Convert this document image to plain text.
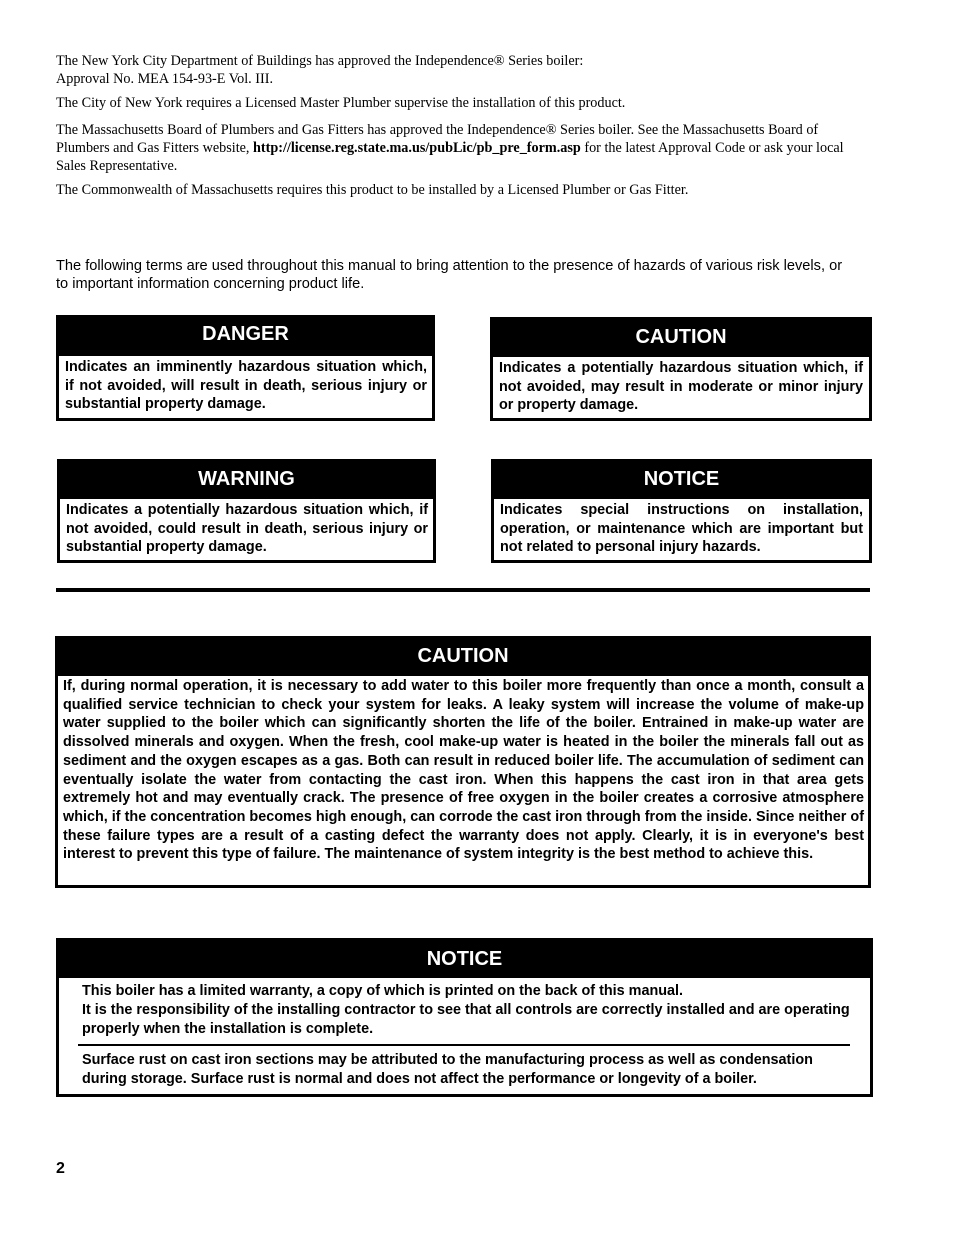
The New York City Department of Buildings has approved the Independence® Series boiler:

Approval No. MEA 154-93-E Vol. III.

The City of New York requires a Licensed Master Plumber supervise the installation of this product.

The Massachusetts Board of Plumbers and Gas Fitters has approved the Independence® Series boiler. See the Massachusetts Board of Plumbers and Gas Fitters website, http://license.reg.state.ma.us/pubLic/pb_pre_form.asp for the latest Approval Code or ask your local Sales Representative.

The Commonwealth of Massachusetts requires this product to be installed by a Licensed Plumber or Gas Fitter.

The following terms are used throughout this manual to bring attention to the presence of hazards of various risk levels, or to important information concerning product life.
DANGER
Indicates an imminently hazardous situation which, if not avoided, will result in death, serious injury or substantial property damage.
CAUTION
Indicates a potentially hazardous situation which, if not avoided, may result in moderate or minor injury or property damage.
WARNING
Indicates a potentially hazardous situation which, if not avoided, could result in death, serious injury or substantial property damage.
NOTICE
Indicates special instructions on installation, operation, or maintenance which are important but not related to personal injury hazards.
CAUTION
If, during normal operation, it is necessary to add water to this boiler more frequently than once a month, consult a qualified service technician to check your system for leaks. A leaky system will increase the volume of make-up water supplied to the boiler which can significantly shorten the life of the boiler. Entrained in make-up water are dissolved minerals and oxygen. When the fresh, cool make-up water is heated in the boiler the minerals fall out as sediment and the oxygen escapes as a gas. Both can result in reduced boiler life. The accumulation of sediment can eventually isolate the water from contacting the cast iron. When this happens the cast iron in that area gets extremely hot and may eventually crack. The presence of free oxygen in the boiler creates a corrosive atmosphere which, if the concentration becomes high enough, can corrode the cast iron through from the inside. Since neither of these failure types are a result of a casting defect the warranty does not apply. Clearly, it is in everyone's best interest to prevent this type of failure. The maintenance of system integrity is the best method to achieve this.
NOTICE
This boiler has a limited warranty, a copy of which is printed on the back of this manual.
It is the responsibility of the installing contractor to see that all controls are correctly installed and are operating properly when the installation is complete.
Surface rust on cast iron sections may be attributed to the manufacturing process as well as condensation during storage. Surface rust is normal and does not affect the performance or longevity of a boiler.
2
